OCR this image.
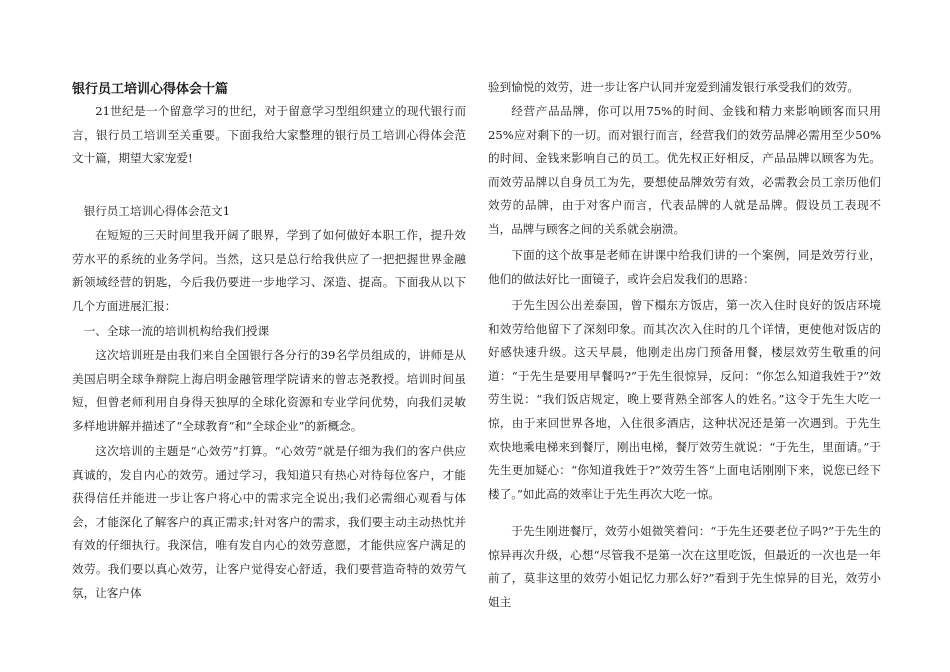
银行员工培训心得体会十篇

21世纪是一个留意学习的世纪，对于留意学习型组织建立的现代银行而言，银行员工培训至关重要。下面我给大家整理的银行员工培训心得体会范文十篇，期望大家宠爱!

银行员工培训心得体会范文1

在短短的三天时间里我开阔了眼界，学到了如何做好本职工作，提升效劳水平的系统的业务学问。当然，这只是总行给我供应了一把把握世界金融新领域经营的钥匙，今后我仍要进一步地学习、深造、提高。下面我从以下几个方面进展汇报：

一、全球一流的培训机构给我们授课

这次培训班是由我们来自全国银行各分行的39名学员组成的，讲师是从美国启明全球争辩院上海启明金融管理学院请来的曾志尧教授。培训时间虽短，但曾老师利用自身得天独厚的全球化资源和专业学问优势，向我们灵敏多样地讲解并描述了“全球教育”和“全球企业”的新概念。

这次培训的主题是“心效劳”打算。“心效劳”就是仔细为我们的客户供应真诚的，发自内心的效劳。通过学习，我知道只有热心对待每位客户，才能获得信任并能进一步让客户将心中的需求完全说出;我们必需细心观看与体会，才能深化了解客户的真正需求;针对客户的需求，我们要主动主动热忱并有效的仔细执行。我深信，唯有发自内心的效劳意愿，才能供应客户满足的效劳。我们要以真心效劳，让客户觉得安心舒适，我们要营造奇特的效劳气氛，让客户体

验到愉悦的效劳，进一步让客户认同并宠爱到浦发银行承受我们的效劳。

经营产品品牌，你可以用75%的时间、金钱和精力来影响顾客而只用25%应对剩下的一切。而对银行而言，经营我们的效劳品牌必需用至少50%的时间、金钱来影响自己的员工。优先权正好相反，产品品牌以顾客为先。而效劳品牌以自身员工为先，要想使品牌效劳有效，必需教会员工亲历他们效劳的品牌，由于对客户而言，代表品牌的人就是品牌。假设员工表现不当，品牌与顾客之间的关系就会崩溃。

下面的这个故事是老师在讲课中给我们讲的一个案例，同是效劳行业，他们的做法好比一面镜子，或许会启发我们的思路：

于先生因公出差泰国，曾下榻东方饭店，第一次入住时良好的饭店环境和效劳给他留下了深刻印象。而其次次入住时的几个详情，更使他对饭店的好感快速升级。这天早晨，他刚走出房门预备用餐，楼层效劳生敬重的问道：“于先生是要用早餐吗?”于先生很惊异，反问：“你怎么知道我姓于?”效劳生说：“我们饭店规定，晚上要背熟全部客人的姓名。”这令于先生大吃一惊，由于来回世界各地，入住很多酒店，这种状况还是第一次遇到。于先生欢快地乘电梯来到餐厅，刚出电梯，餐厅效劳生就说：“于先生，里面请。”于先生更加疑心：“你知道我姓于?”效劳生答“上面电话刚刚下来，说您已经下楼了。”如此高的效率让于先生再次大吃一惊。

于先生刚进餐厅，效劳小姐微笑着问：“于先生还要老位子吗?”于先生的惊异再次升级，心想“尽管我不是第一次在这里吃饭，但最近的一次也是一年前了，莫非这里的效劳小姐记忆力那么好?”看到于先生惊异的目光，效劳小姐主
